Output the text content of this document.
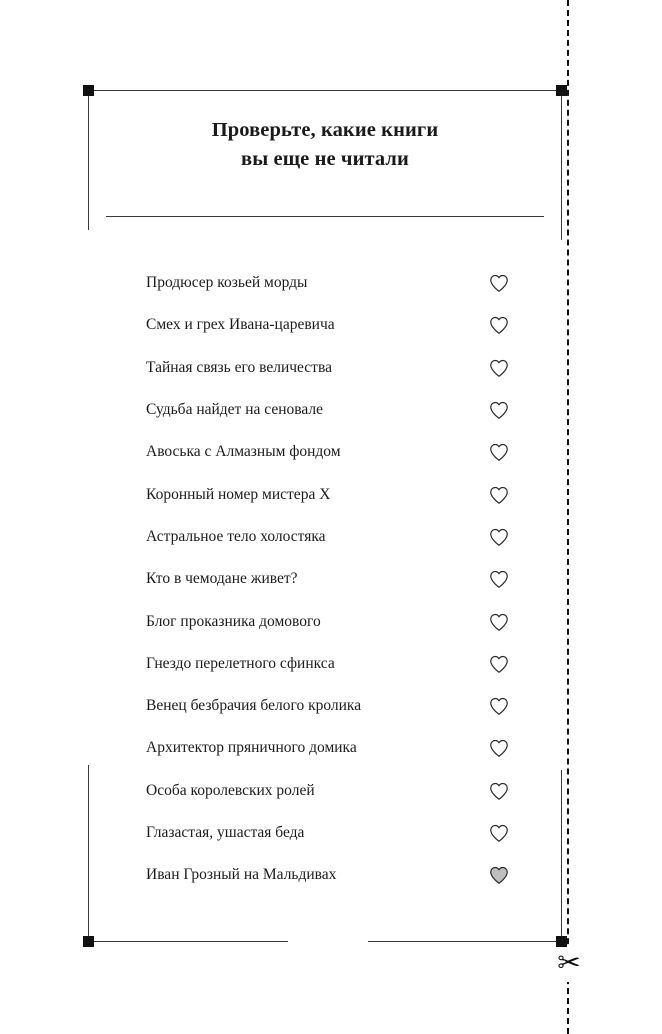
✂
Проверьте, какие книги
вы еще не читали
Продюсер козьей морды
Смех и грех Ивана-царевича
Тайная связь его величества
Судьба найдет на сеновале
Авоська с Алмазным фондом
Коронный номер мистера X
Астральное тело холостяка
Кто в чемодане живет?
Блог проказника домового
Гнездо перелетного сфинкса
Венец безбрачия белого кролика
Архитектор пряничного домика
Особа королевских ролей
Глазастая, ушастая беда
Иван Грозный на Мальдивах
